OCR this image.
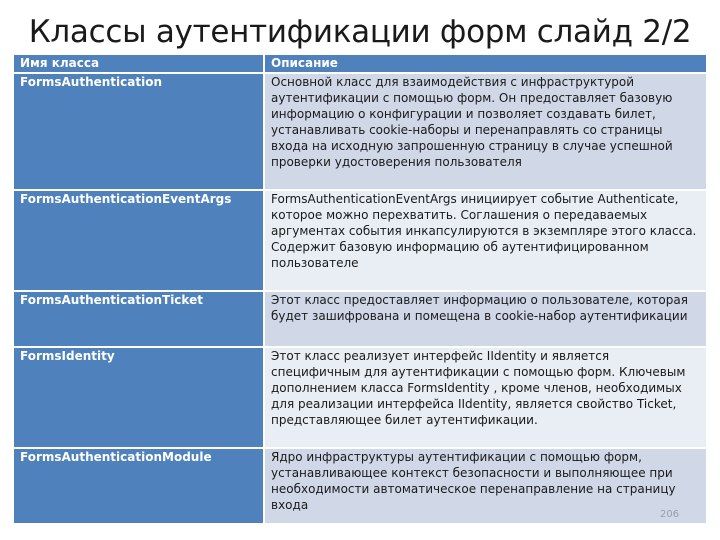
Классы аутентификации форм слайд 2/2
Имя класса	Описание
FormsAuthentication	Основной класс для взаимодействия с инфраструктурой аутентификации с помощью форм. Он предоставляет базовую информацию о конфигурации и позволяет создавать билет, устанавливать cookie-наборы и перенаправлять со страницы входа на исходную запрошенную страницу в случае успешной проверки удостоверения пользователя
FormsAuthenticationEventArgs	FormsAuthenticationEventArgs инициирует событие Authenticate, которое можно перехватить. Соглашения о передаваемых аргументах события инкапсулируются в экземпляре этого класса. Содержит базовую информацию об аутентифицированном пользователе
FormsAuthenticationTicket	Этот класс предоставляет информацию о пользователе, которая будет зашифрована и помещена в cookie-набор аутентификации
FormsIdentity	Этот класс реализует интерфейс IIdentity и является специфичным для аутентификации с помощью форм. Ключевым дополнением класса FormsIdentity , кроме членов, необходимых для реализации интерфейса IIdentity, является свойство Ticket, представляющее билет аутентификации.
FormsAuthenticationModule	Ядро инфраструктуры аутентификации с помощью форм, устанавливающее контекст безопасности и выполняющее при необходимости автоматическое перенаправление на страницу входа
206
